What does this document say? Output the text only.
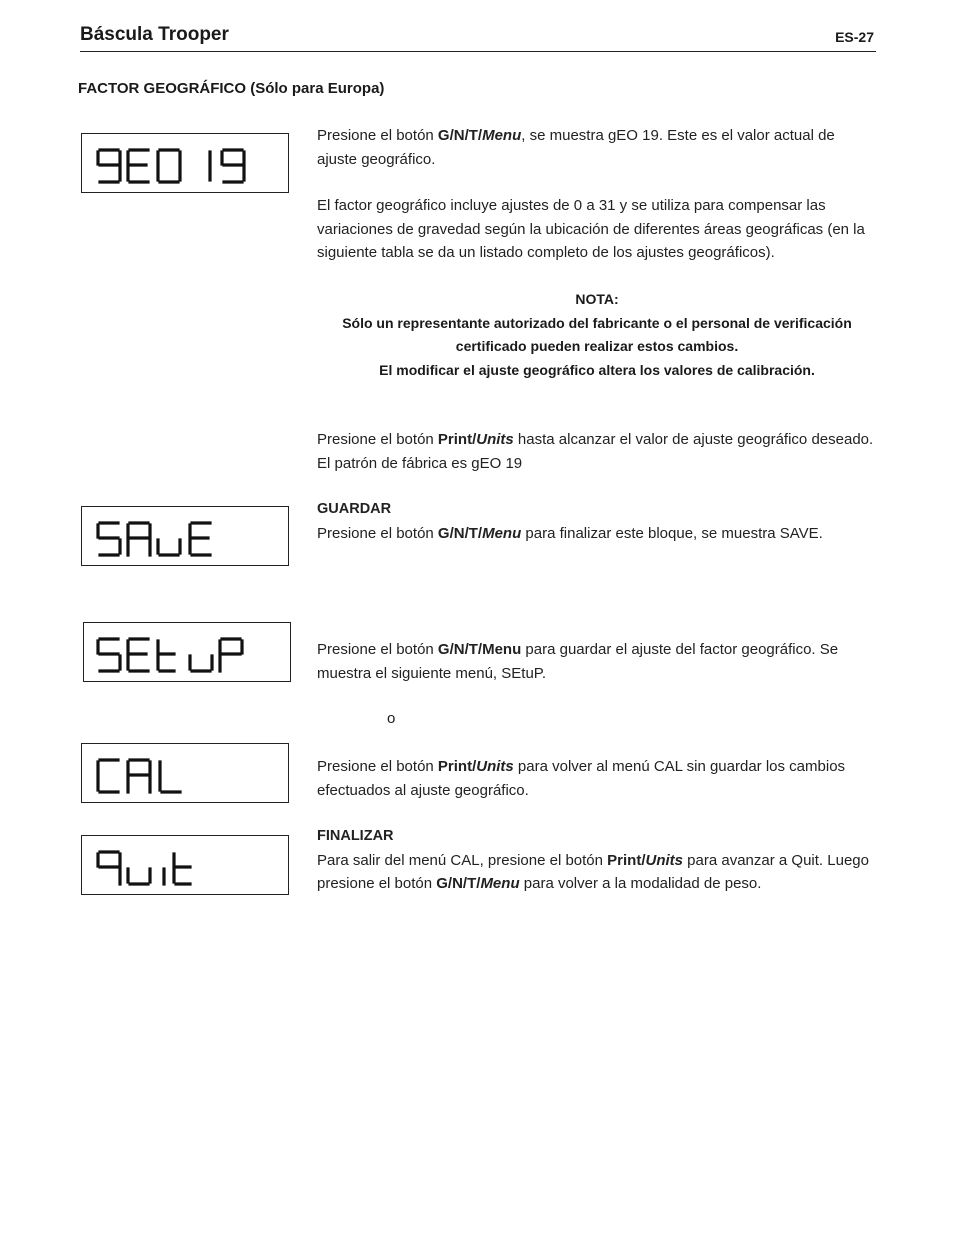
Báscula Trooper	ES-27
FACTOR GEOGRÁFICO (Sólo para Europa)
Presione el botón G/N/T/Menu, se muestra gEO 19. Este es el valor actual de ajuste geográfico.
El factor geográfico incluye ajustes de 0 a 31 y se utiliza para compensar las variaciones de gravedad según la ubicación de diferentes áreas geográficas (en la siguiente tabla se da un listado completo de los ajustes geográficos).
NOTA:
Sólo un representante autorizado del fabricante o el personal de verificación certificado pueden realizar estos cambios.
El modificar el ajuste geográfico altera los valores de calibración.
Presione el botón Print/Units hasta alcanzar el valor de ajuste geográfico deseado. El patrón de fábrica es gEO 19
GUARDAR
Presione el botón G/N/T/Menu para finalizar este bloque, se muestra SAVE.
Presione el botón G/N/T/Menu para guardar el ajuste del factor geográfico. Se muestra el siguiente menú, SEtuP.
o
Presione el botón Print/Units para volver al menú CAL sin guardar los cambios efectuados al ajuste geográfico.
FINALIZAR
Para salir del menú CAL, presione el botón Print/Units para avanzar a Quit. Luego presione el botón G/N/T/Menu para volver a la modalidad de peso.
